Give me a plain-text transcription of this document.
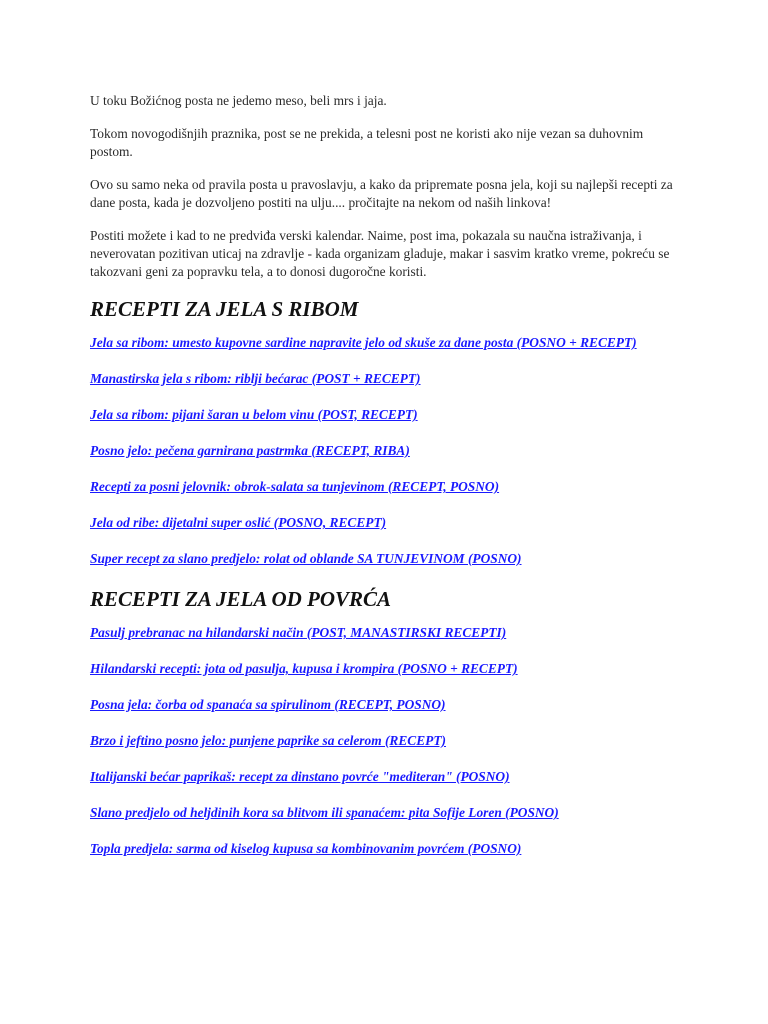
U toku Božićnog posta ne jedemo meso, beli mrs i jaja.

Tokom novogodišnjih praznika, post se ne prekida, a telesni post ne koristi ako nije vezan sa duhovnim postom.

Ovo su samo neka od pravila posta u pravoslavju, a kako da pripremate posna jela, koji su najlepši recepti za dane posta, kada je dozvoljeno postiti na ulju.... pročitajte na nekom od naših linkova!

Postiti možete i kad to ne predviđa verski kalendar. Naime, post ima, pokazala su naučna istraživanja, i neverovatan pozitivan uticaj na zdravlje - kada organizam gladuje, makar i sasvim kratko vreme, pokreću se takozvani geni za popravku tela, a to donosi dugoročne koristi.

RECEPTI ZA JELA S RIBOM
Jela sa ribom: umesto kupovne sardine napravite jelo od skuše za dane posta (POSNO + RECEPT)
Manastirska jela s ribom: riblji bećarac (POST + RECEPT)
Jela sa ribom: pijani šaran u belom vinu (POST, RECEPT)
Posno jelo: pečena garnirana pastrmka (RECEPT, RIBA)
Recepti za posni jelovnik: obrok-salata sa tunjevinom (RECEPT, POSNO)
Jela od ribe: dijetalni super oslić (POSNO, RECEPT)
Super recept za slano predjelo: rolat od oblande SA TUNJEVINOM (POSNO)
RECEPTI ZA JELA OD POVRĆA
Pasulj prebranac na hilandarski način (POST, MANASTIRSKI RECEPTI)
Hilandarski recepti: jota od pasulja, kupusa i krompira (POSNO + RECEPT)
Posna jela: čorba od spanaća sa spirulinom (RECEPT, POSNO)
Brzo i jeftino posno jelo: punjene paprike sa celerom (RECEPT)
Italijanski bećar paprikaš: recept za dinstano povrće "mediteran" (POSNO)
Slano predjelo od heljdinih kora sa blitvom ili spanaćem: pita Sofije Loren (POSNO)
Topla predjela: sarma od kiselog kupusa sa kombinovanim povrćem (POSNO)
